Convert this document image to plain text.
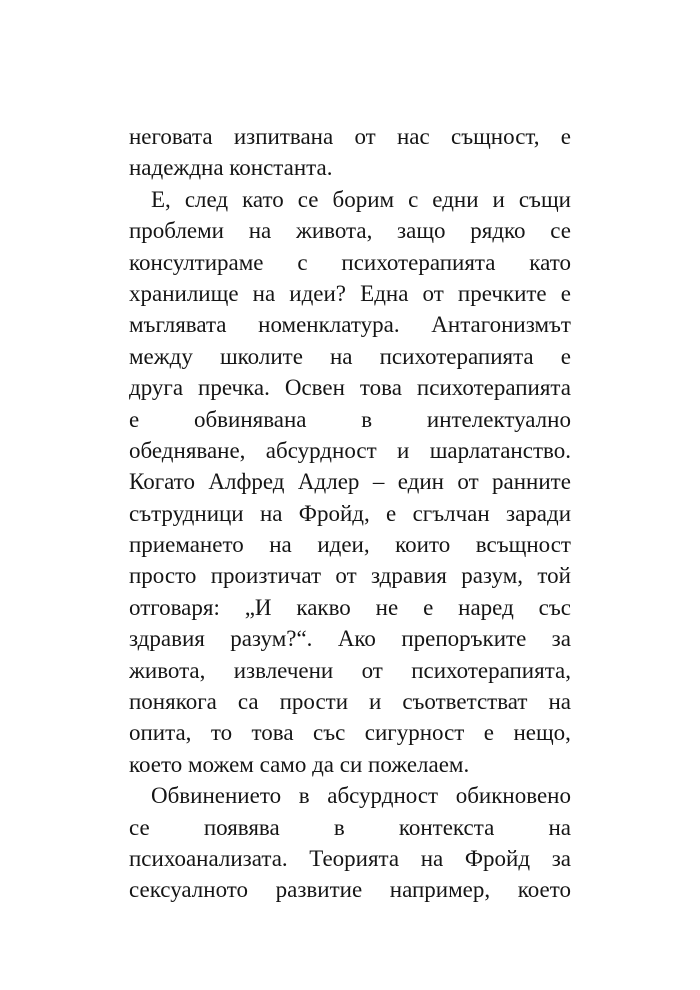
неговата изпитвана от нас същност, е
надеждна константа.
Е, след като се борим с едни и същи
проблеми на живота, защо рядко се
консултираме с психотерапията като
хранилище на идеи? Една от пречките е
мъглявата номенклатура. Антагонизмът
между школите на психотерапията е
друга пречка. Освен това психотерапията
е обвинявана в интелектуално
обедняване, абсурдност и шарлатанство.
Когато Алфред Адлер – един от ранните
сътрудници на Фройд, е сгълчан заради
приемането на идеи, които всъщност
просто произтичат от здравия разум, той
отговаря: „И какво не е наред със
здравия разум?“. Ако препоръките за
живота, извлечени от психотерапията,
понякога са прости и съответстват на
опита, то това със сигурност е нещо,
което можем само да си пожелаем.
Обвинението в абсурдност обикновено
се появява в контекста на
психоанализата. Теорията на Фройд за
сексуалното развитие например, което
